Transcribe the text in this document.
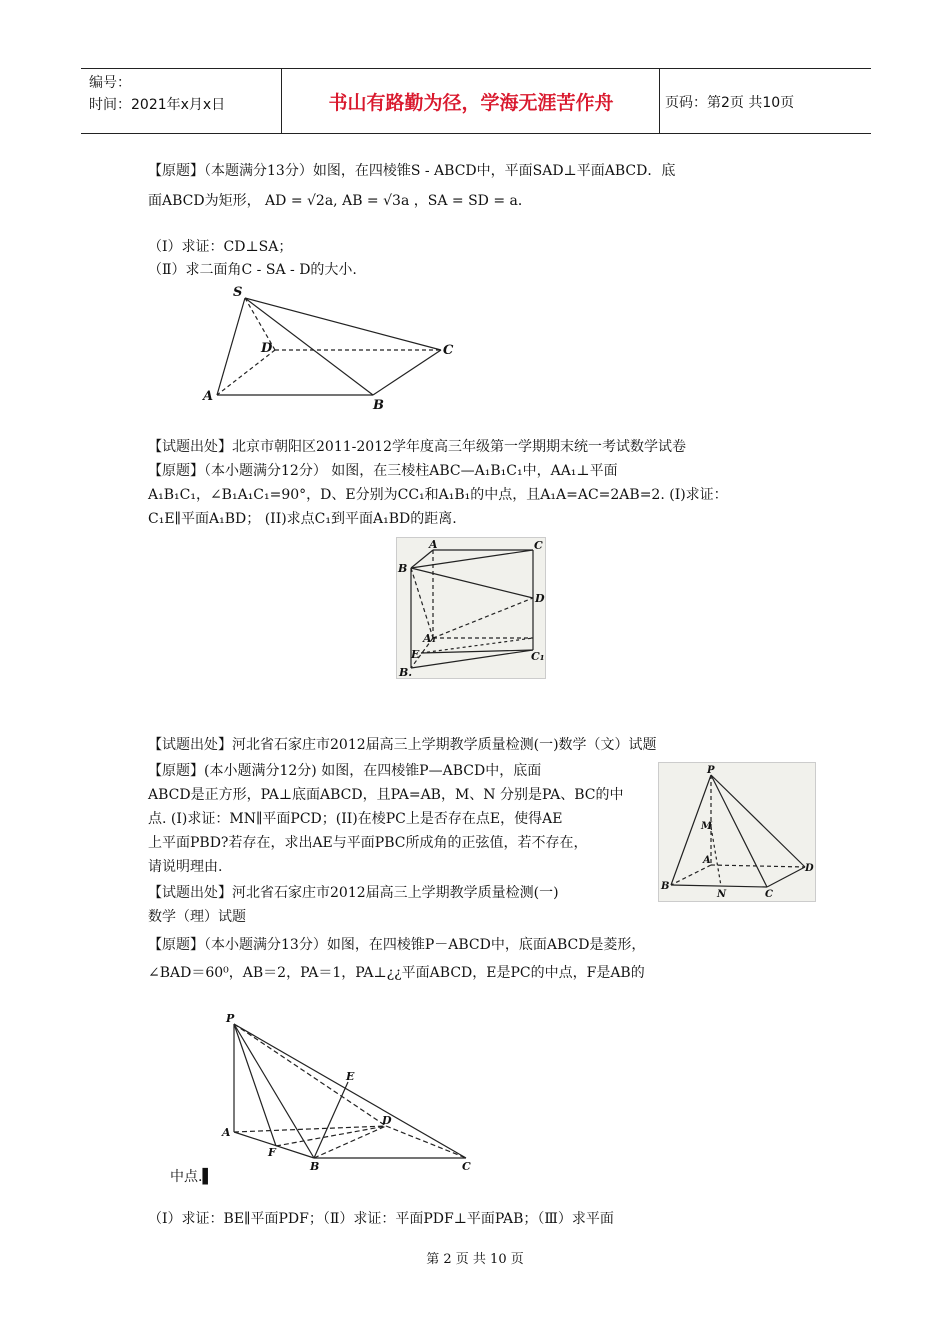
编号：
时间：2021年x月x日	书山有路勤为径，学海无涯苦作舟	页码：第2页 共10页
【原题】（本题满分13分）如图，在四棱锥S - ABCD中，平面SAD⊥平面ABCD．底
面ABCD为矩形， AD = √2a, AB = √3a ，SA = SD = a．
（Ⅰ）求证：CD⊥SA；
（Ⅱ）求二面角C - SA - D的大小.
S
D	C
A
B
【试题出处】北京市朝阳区2011-2012学年度高三年级第一学期期末统一考试数学试卷
【原题】（本小题满分12分） 如图，在三棱柱ABC—A₁B₁C₁中，AA₁⊥平面
A₁B₁C₁，∠B₁A₁C₁=90°，D、E分别为CC₁和A₁B₁的中点，且A₁A=AC=2AB=2. (I)求证：
C₁E∥平面A₁BD； (II)求点C₁到平面A₁BD的距离.
A	C
B
D
A₁
E	C₁
B.
【试题出处】河北省石家庄市2012届高三上学期教学质量检测(一)数学（文）试题
【原题】(本小题满分12分) 如图，在四棱锥P—ABCD中，底面
ABCD是正方形，PA⊥底面ABCD，且PA=AB，M、N 分别是PA、BC的中
点. (I)求证：MN∥平面PCD；(II)在棱PC上是否存在点E，使得AE
上平面PBD?若存在，求出AE与平面PBC所成角的正弦值，若不存在，
请说明理由.
【试题出处】河北省石家庄市2012届高三上学期教学质量检测(一)
数学（理）试题
P
M
A
D
B
N	C
【原题】（本小题满分13分）如图，在四棱锥P－ABCD中，底面ABCD是菱形，
∠BAD＝60⁰，AB＝2，PA＝1，PA⊥¿¿平面ABCD，E是PC的中点，F是AB的
P
E
A
D
F
B	C
中点.▌
（Ⅰ）求证：BE∥平面PDF；（Ⅱ）求证：平面PDF⊥平面PAB；（Ⅲ）求平面
第 2 页 共 10 页
